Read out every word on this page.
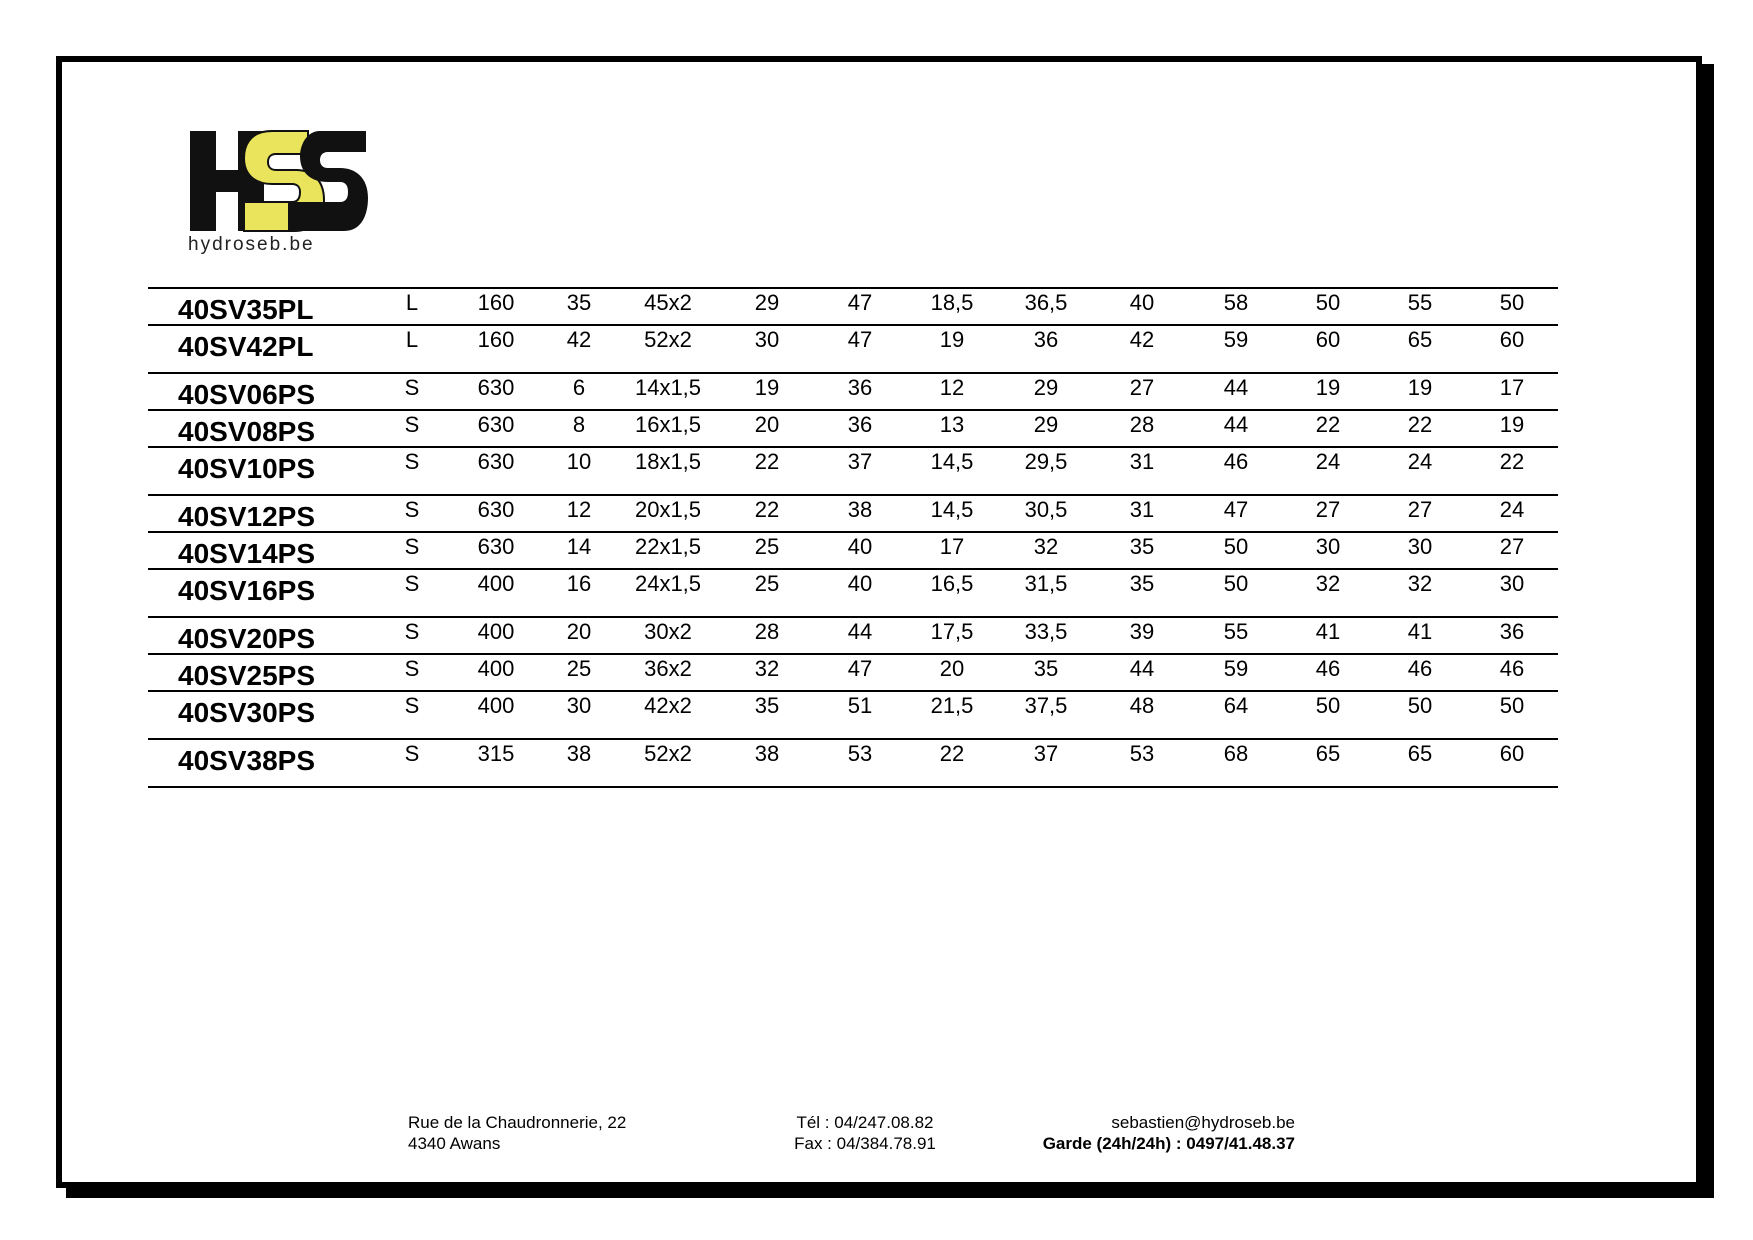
hydroseb.be
40SV35PL	L	160	35	45x2	29	47	18,5	36,5	40	58	50	55	50
40SV42PL	L	160	42	52x2	30	47	19	36	42	59	60	65	60
40SV06PS	S	630	6	14x1,5	19	36	12	29	27	44	19	19	17
40SV08PS	S	630	8	16x1,5	20	36	13	29	28	44	22	22	19
40SV10PS	S	630	10	18x1,5	22	37	14,5	29,5	31	46	24	24	22
40SV12PS	S	630	12	20x1,5	22	38	14,5	30,5	31	47	27	27	24
40SV14PS	S	630	14	22x1,5	25	40	17	32	35	50	30	30	27
40SV16PS	S	400	16	24x1,5	25	40	16,5	31,5	35	50	32	32	30
40SV20PS	S	400	20	30x2	28	44	17,5	33,5	39	55	41	41	36
40SV25PS	S	400	25	36x2	32	47	20	35	44	59	46	46	46
40SV30PS	S	400	30	42x2	35	51	21,5	37,5	48	64	50	50	50
40SV38PS	S	315	38	52x2	38	53	22	37	53	68	65	65	60
Rue de la Chaudronnerie, 22
4340 Awans
Tél : 04/247.08.82
Fax : 04/384.78.91
sebastien@hydroseb.be
Garde (24h/24h) : 0497/41.48.37
